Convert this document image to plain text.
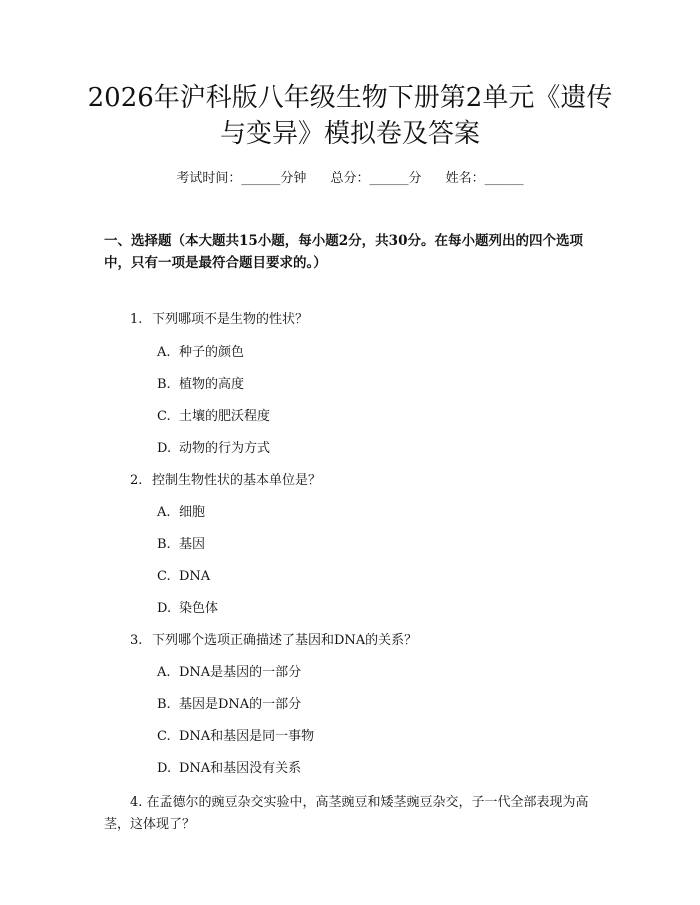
2026年沪科版八年级生物下册第2单元《遗传与变异》模拟卷及答案
考试时间：______分钟 总分：______分 姓名：______

一、选择题（本大题共15小题，每小题2分，共30分。在每小题列出的四个选项中，只有一项是最符合题目要求的。）

1. 下列哪项不是生物的性状？
A. 种子的颜色
B. 植物的高度
C. 土壤的肥沃程度
D. 动物的行为方式
2. 控制生物性状的基本单位是？
A. 细胞
B. 基因
C. DNA
D. 染色体
3. 下列哪个选项正确描述了基因和DNA的关系？
A. DNA是基因的一部分
B. 基因是DNA的一部分
C. DNA和基因是同一事物
D. DNA和基因没有关系

4. 在孟德尔的豌豆杂交实验中，高茎豌豆和矮茎豌豆杂交，子一代全部表现为高茎，这体现了？
